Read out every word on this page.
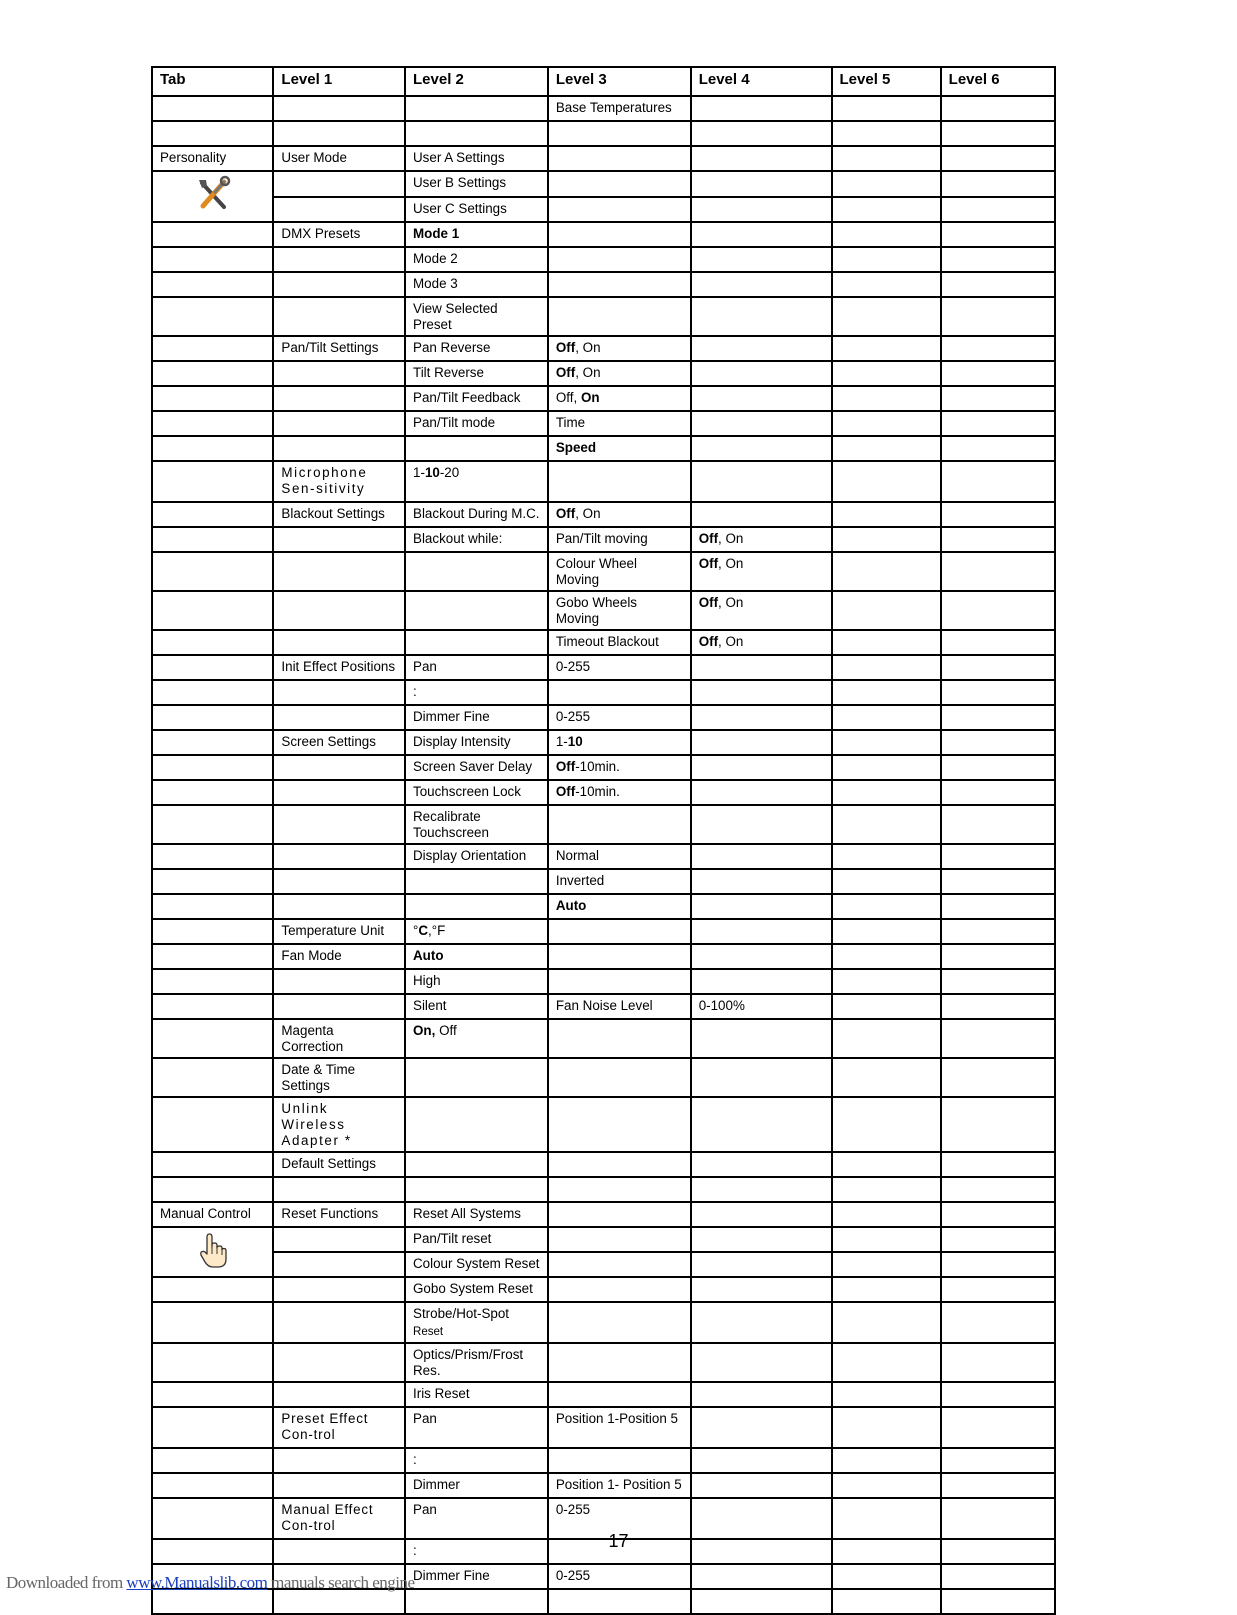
Tab	Level 1	Level 2	Level 3	Level 4	Level 5	Level 6
			Base Temperatures			

Personality	User Mode	User A Settings				
		User B Settings				
		User C Settings				
	DMX Presets	Mode 1				
		Mode 2				
		Mode 3				
		View Selected Preset				
	Pan/Tilt Settings	Pan Reverse	Off, On			
		Tilt Reverse	Off, On			
		Pan/Tilt Feedback	Off, On			
		Pan/Tilt mode	Time			
			Speed			
	Microphone Sen-sitivity	1-10-20				
	Blackout Settings	Blackout During M.C.	Off, On			
		Blackout while:	Pan/Tilt moving	Off, On		
			Colour Wheel Moving	Off, On		
			Gobo Wheels Moving	Off, On		
			Timeout Blackout	Off, On		
	Init Effect Positions	Pan	0-255			
		:				
		Dimmer Fine	0-255			
	Screen Settings	Display Intensity	1-10			
		Screen Saver Delay	Off-10min.			
		Touchscreen Lock	Off-10min.			
		Recalibrate Touchscreen				
		Display Orientation	Normal			
			Inverted			
			Auto			
	Temperature Unit	°C,°F				
	Fan Mode	Auto				
		High				
		Silent	Fan Noise Level	0-100%		
	Magenta Correction	On, Off				
	Date & Time Settings					
	Unlink Wireless Adapter *					
	Default Settings					

Manual Control	Reset Functions	Reset All Systems				
		Pan/Tilt reset				
		Colour System Reset				
		Gobo System Reset				
		Strobe/Hot-Spot Reset				
		Optics/Prism/Frost Res.				
		Iris Reset				
	Preset Effect Con-trol	Pan	Position 1-Position 5			
		:				
		Dimmer	Position 1- Position 5			
	Manual Effect Con-trol	Pan	0-255			
		:				
		Dimmer Fine	0-255			

17
Downloaded from www.Manualslib.com manuals search engine
